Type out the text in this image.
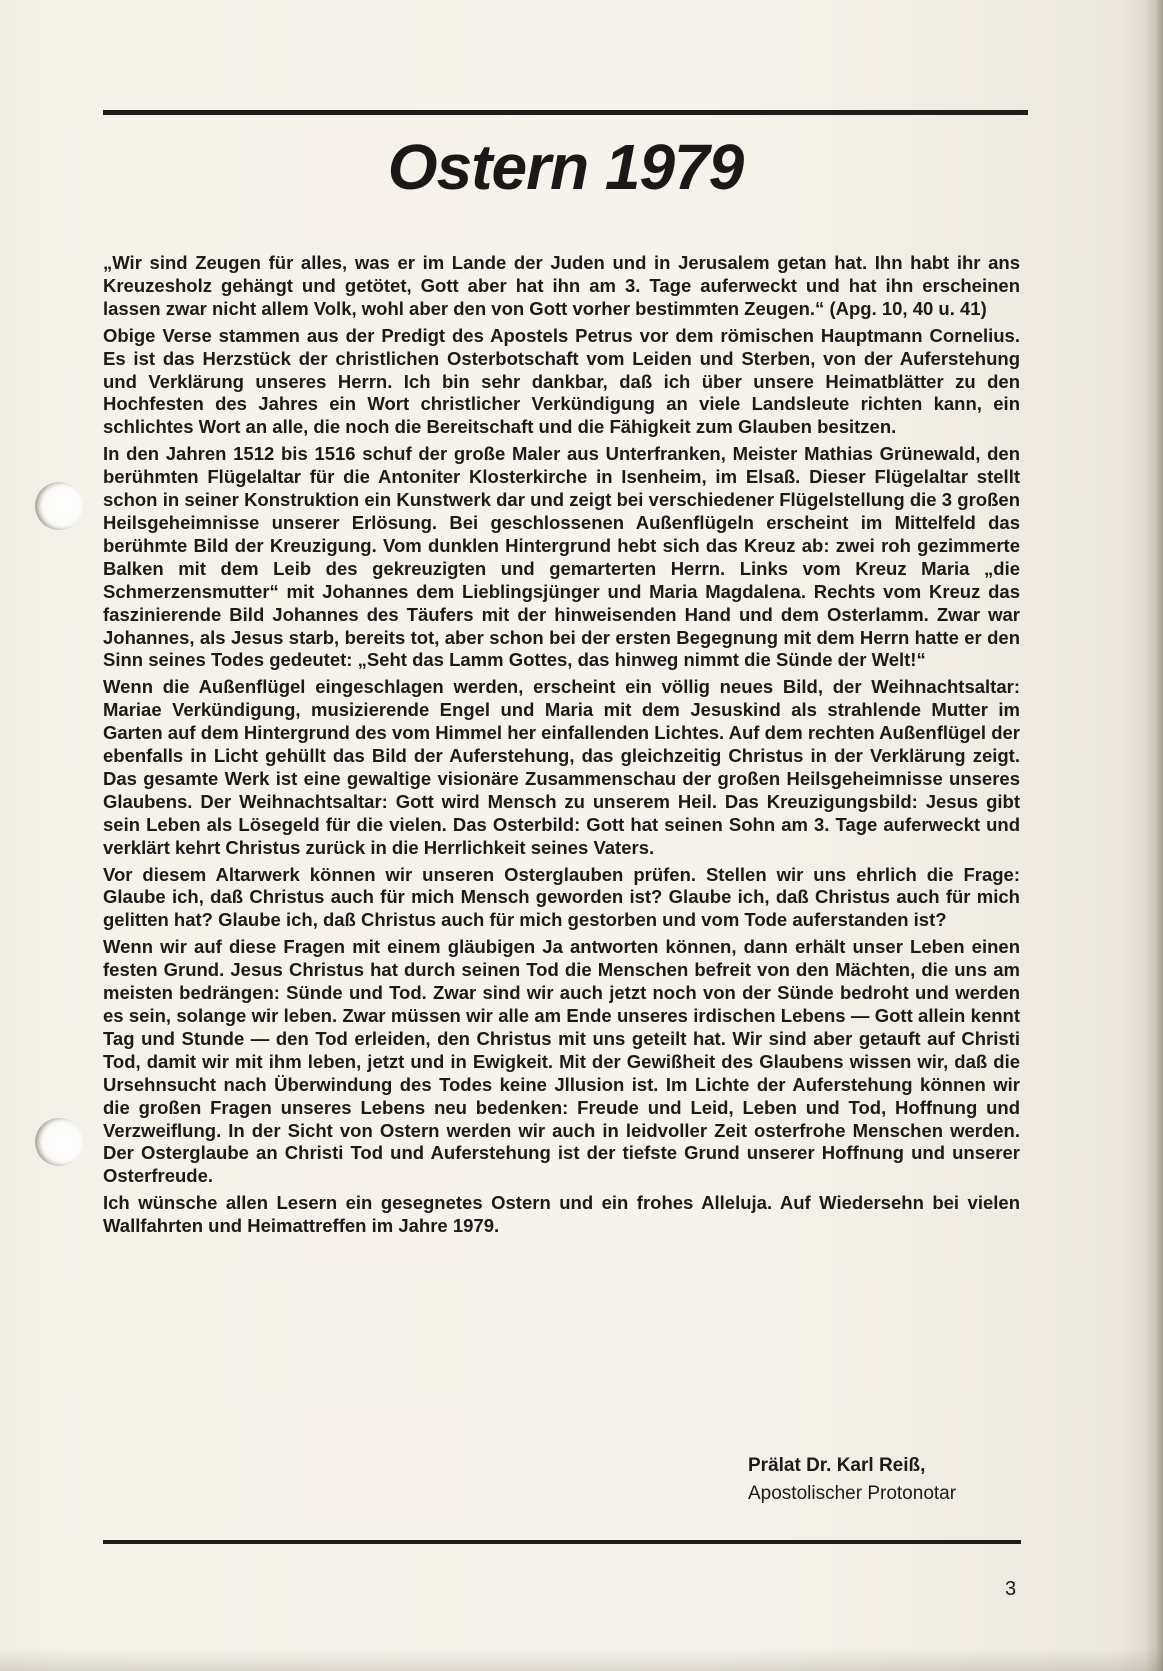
Ostern 1979

„Wir sind Zeugen für alles, was er im Lande der Juden und in Jerusalem getan hat. Ihn habt ihr ans Kreuzesholz gehängt und getötet, Gott aber hat ihn am 3. Tage auferweckt und hat ihn erscheinen lassen zwar nicht allem Volk, wohl aber den von Gott vorher bestimmten Zeugen.“ (Apg. 10, 40 u. 41)

Obige Verse stammen aus der Predigt des Apostels Petrus vor dem römischen Hauptmann Cornelius. Es ist das Herzstück der christlichen Osterbotschaft vom Leiden und Sterben, von der Auferstehung und Verklärung unseres Herrn. Ich bin sehr dankbar, daß ich über unsere Heimatblätter zu den Hochfesten des Jahres ein Wort christlicher Verkündigung an viele Landsleute richten kann, ein schlichtes Wort an alle, die noch die Bereitschaft und die Fähigkeit zum Glauben besitzen.

In den Jahren 1512 bis 1516 schuf der große Maler aus Unterfranken, Meister Mathias Grünewald, den berühmten Flügelaltar für die Antoniter Klosterkirche in Isenheim, im Elsaß. Dieser Flügelaltar stellt schon in seiner Konstruktion ein Kunstwerk dar und zeigt bei verschiedener Flügelstellung die 3 großen Heilsgeheimnisse unserer Erlösung. Bei geschlossenen Außenflügeln erscheint im Mittelfeld das berühmte Bild der Kreuzigung. Vom dunklen Hintergrund hebt sich das Kreuz ab: zwei roh gezimmerte Balken mit dem Leib des gekreuzigten und gemarterten Herrn. Links vom Kreuz Maria „die Schmerzensmutter“ mit Johannes dem Lieblingsjünger und Maria Magdalena. Rechts vom Kreuz das faszinierende Bild Johannes des Täufers mit der hinweisenden Hand und dem Osterlamm. Zwar war Johannes, als Jesus starb, bereits tot, aber schon bei der ersten Begegnung mit dem Herrn hatte er den Sinn seines Todes gedeutet: „Seht das Lamm Gottes, das hinweg nimmt die Sünde der Welt!“

Wenn die Außenflügel eingeschlagen werden, erscheint ein völlig neues Bild, der Weihnachtsaltar: Mariae Verkündigung, musizierende Engel und Maria mit dem Jesuskind als strahlende Mutter im Garten auf dem Hintergrund des vom Himmel her einfallenden Lichtes. Auf dem rechten Außenflügel der ebenfalls in Licht gehüllt das Bild der Auferstehung, das gleichzeitig Christus in der Verklärung zeigt. Das gesamte Werk ist eine gewaltige visionäre Zusammenschau der großen Heilsgeheimnisse unseres Glaubens. Der Weihnachtsaltar: Gott wird Mensch zu unserem Heil. Das Kreuzigungsbild: Jesus gibt sein Leben als Lösegeld für die vielen. Das Osterbild: Gott hat seinen Sohn am 3. Tage auferweckt und verklärt kehrt Christus zurück in die Herrlichkeit seines Vaters.

Vor diesem Altarwerk können wir unseren Osterglauben prüfen. Stellen wir uns ehrlich die Frage: Glaube ich, daß Christus auch für mich Mensch geworden ist? Glaube ich, daß Christus auch für mich gelitten hat? Glaube ich, daß Christus auch für mich gestorben und vom Tode auferstanden ist?

Wenn wir auf diese Fragen mit einem gläubigen Ja antworten können, dann erhält unser Leben einen festen Grund. Jesus Christus hat durch seinen Tod die Menschen befreit von den Mächten, die uns am meisten bedrängen: Sünde und Tod. Zwar sind wir auch jetzt noch von der Sünde bedroht und werden es sein, solange wir leben. Zwar müssen wir alle am Ende unseres irdischen Lebens — Gott allein kennt Tag und Stunde — den Tod erleiden, den Christus mit uns geteilt hat. Wir sind aber getauft auf Christi Tod, damit wir mit ihm leben, jetzt und in Ewigkeit. Mit der Gewißheit des Glaubens wissen wir, daß die Ursehnsucht nach Überwindung des Todes keine Jllusion ist. Im Lichte der Auferstehung können wir die großen Fragen unseres Lebens neu bedenken: Freude und Leid, Leben und Tod, Hoffnung und Verzweiflung. In der Sicht von Ostern werden wir auch in leidvoller Zeit osterfrohe Menschen werden. Der Osterglaube an Christi Tod und Auferstehung ist der tiefste Grund unserer Hoffnung und unserer Osterfreude.

Ich wünsche allen Lesern ein gesegnetes Ostern und ein frohes Alleluja. Auf Wiedersehn bei vielen Wallfahrten und Heimattreffen im Jahre 1979.

Prälat Dr. Karl Reiß,
Apostolischer Protonotar
3
